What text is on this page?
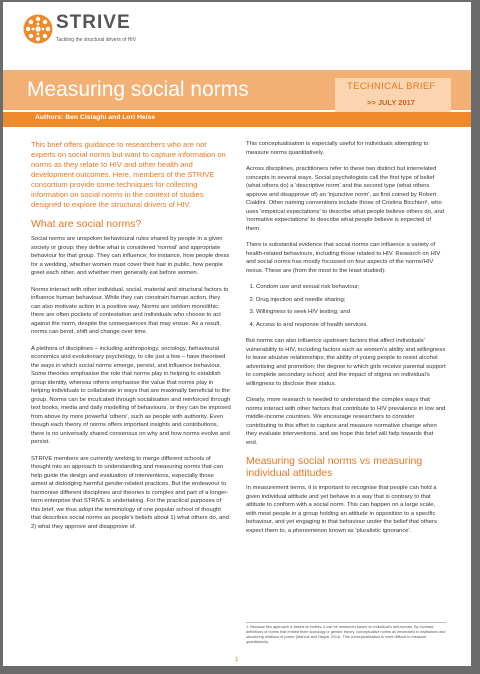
STRIVE
Tackling the structural drivers of HIV
Measuring social norms	TECHNICAL BRIEF
>> JULY 2017
Authors: Ben Cislaghi and Lori Heise

This brief offers guidance to researchers who are not experts on social norms but want to capture information on norms as they relate to HIV and other health and development outcomes. Here, members of the STRIVE consortium provide some techniques for collecting information on social norms in the context of studies designed to explore the structural drivers of HIV.

What are social norms?

Social norms are unspoken behavioural rules shared by people in a given society or group; they define what is considered 'normal' and appropriate behaviour for that group. They can influence, for instance, how people dress for a wedding, whether women must cover their hair in public, how people greet each other, and whether men generally eat before women.

Norms interact with other individual, social, material and structural factors to influence human behaviour. While they can constrain human action, they can also motivate action in a positive way. Norms are seldom monolithic; there are often pockets of contestation and individuals who choose to act against the norm, despite the consequences that may ensue. As a result, norms can bend, shift and change over time.

A plethora of disciplines – including anthropology, sociology, behavioural economics and evolutionary psychology, to cite just a few – have theorised the ways in which social norms emerge, persist, and influence behaviour. Some theories emphasise the role that norms play in helping to establish group identity, whereas others emphasise the value that norms play in helping individuals to collaborate in ways that are maximally beneficial to the group. Norms can be inculcated through socialisation and reinforced through text books, media and daily modelling of behaviours, or they can be imposed from above by more powerful 'others', such as people with authority. Even though each theory of norms offers important insights and contributions, there is no universally shared consensus on why and how norms evolve and persist.

STRIVE members are currently working to merge different schools of thought into an approach to understanding and measuring norms that can help guide the design and evaluation of interventions, especially those aimed at dislodging harmful gender-related practices. But the endeavour to harmonise different disciplines and theories is complex and part of a longer-term enterprise that STRIVE is undertaking. For the practical purposes of this brief, we thus adopt the terminology of one popular school of thought that describes social norms as people's beliefs about 1) what others do, and 2) what they approve and disapprove of.

This conceptualisation is especially useful for individuals attempting to measure norms quantitatively.

Across disciplines, practitioners refer to these two distinct but interrelated concepts in several ways. Social psychologists call the first type of belief (what others do) a 'descriptive norm' and the second type (what others approve and disapprove of) an 'injunctive norm', as first coined by Robert Cialdini. Other naming conventions include those of Cristina Bicchieri¹, who uses 'empirical expectations' to describe what people believe others do, and 'normative expectations' to describe what people believe is expected of them.

There is substantial evidence that social norms can influence a variety of health-related behaviours, including those related to HIV. Research on HIV and social norms has mostly focussed on four aspects of the norms/HIV nexus. These are (from the most to the least studied):

1. Condom use and sexual risk behaviour;
2. Drug injection and needle sharing;
3. Willingness to seek HIV testing; and
4. Access to and response of health services.

But norms can also influence upstream factors that affect individuals' vulnerability to HIV, including factors such as women's ability and willingness to leave abusive relationships; the ability of young people to resist alcohol advertising and promotion; the degree to which girls receive parental support to complete secondary school; and the impact of stigma on individual's willingness to disclose their status.

Clearly, more research is needed to understand the complex ways that norms interact with other factors that contribute to HIV prevalence in low and middle-income countries. We encourage researchers to consider contributing to this effort to capture and measure normative change when they evaluate interventions, and we hope this brief will help towards that end.

Measuring social norms vs measuring individual attitudes

In measurement terms, it is important to recognise that people can hold a given individual attitude and yet behave in a way that is contrary to that attitude to conform with a social norm. This can happen on a large scale, with most people in a group holding an attitude in opposition to a specific behaviour, and yet engaging in that behaviour under the belief that others expect them to, a phenomenon known as 'pluralistic ignorance'.

1. Because this approach is based on beliefs, it can be measured based on individual's self-reports. By contrast, definitions of norms that embed them sociology or gender theory, conceptualise norms as embedded in institutions and structuring relations of power (Marcus and Harper 2014). This conceptualisation is more difficult to measure quantitatively.
1
